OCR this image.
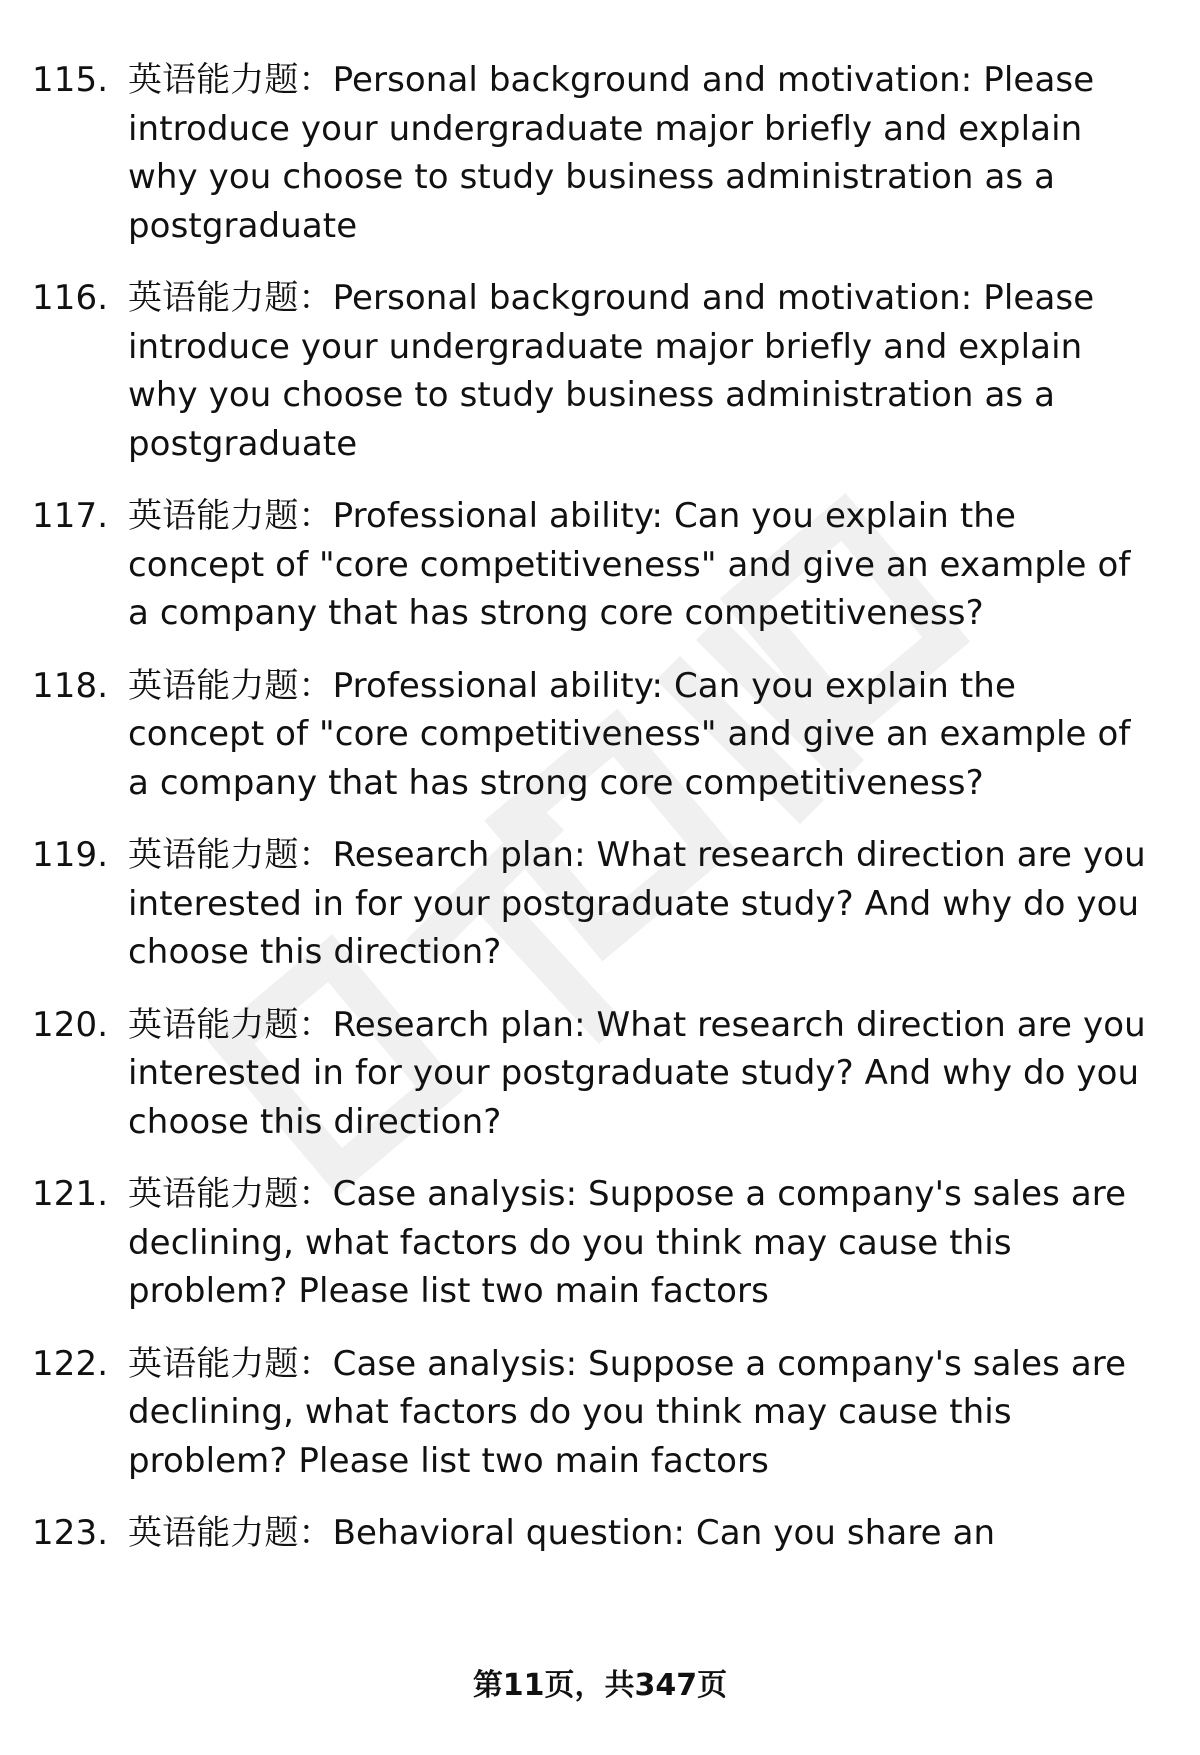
115. 英语能力题：Personal background and motivation: Please introduce your undergraduate major briefly and explain why you choose to study business administration as a postgraduate
116. 英语能力题：Personal background and motivation: Please introduce your undergraduate major briefly and explain why you choose to study business administration as a postgraduate
117. 英语能力题：Professional ability: Can you explain the concept of "core competitiveness" and give an example of a company that has strong core competitiveness?
118. 英语能力题：Professional ability: Can you explain the concept of "core competitiveness" and give an example of a company that has strong core competitiveness?
119. 英语能力题：Research plan: What research direction are you interested in for your postgraduate study? And why do you choose this direction?
120. 英语能力题：Research plan: What research direction are you interested in for your postgraduate study? And why do you choose this direction?
121. 英语能力题：Case analysis: Suppose a company's sales are declining, what factors do you think may cause this problem? Please list two main factors
122. 英语能力题：Case analysis: Suppose a company's sales are declining, what factors do you think may cause this problem? Please list two main factors
123. 英语能力题：Behavioral question: Can you share an
第11页，共347页
